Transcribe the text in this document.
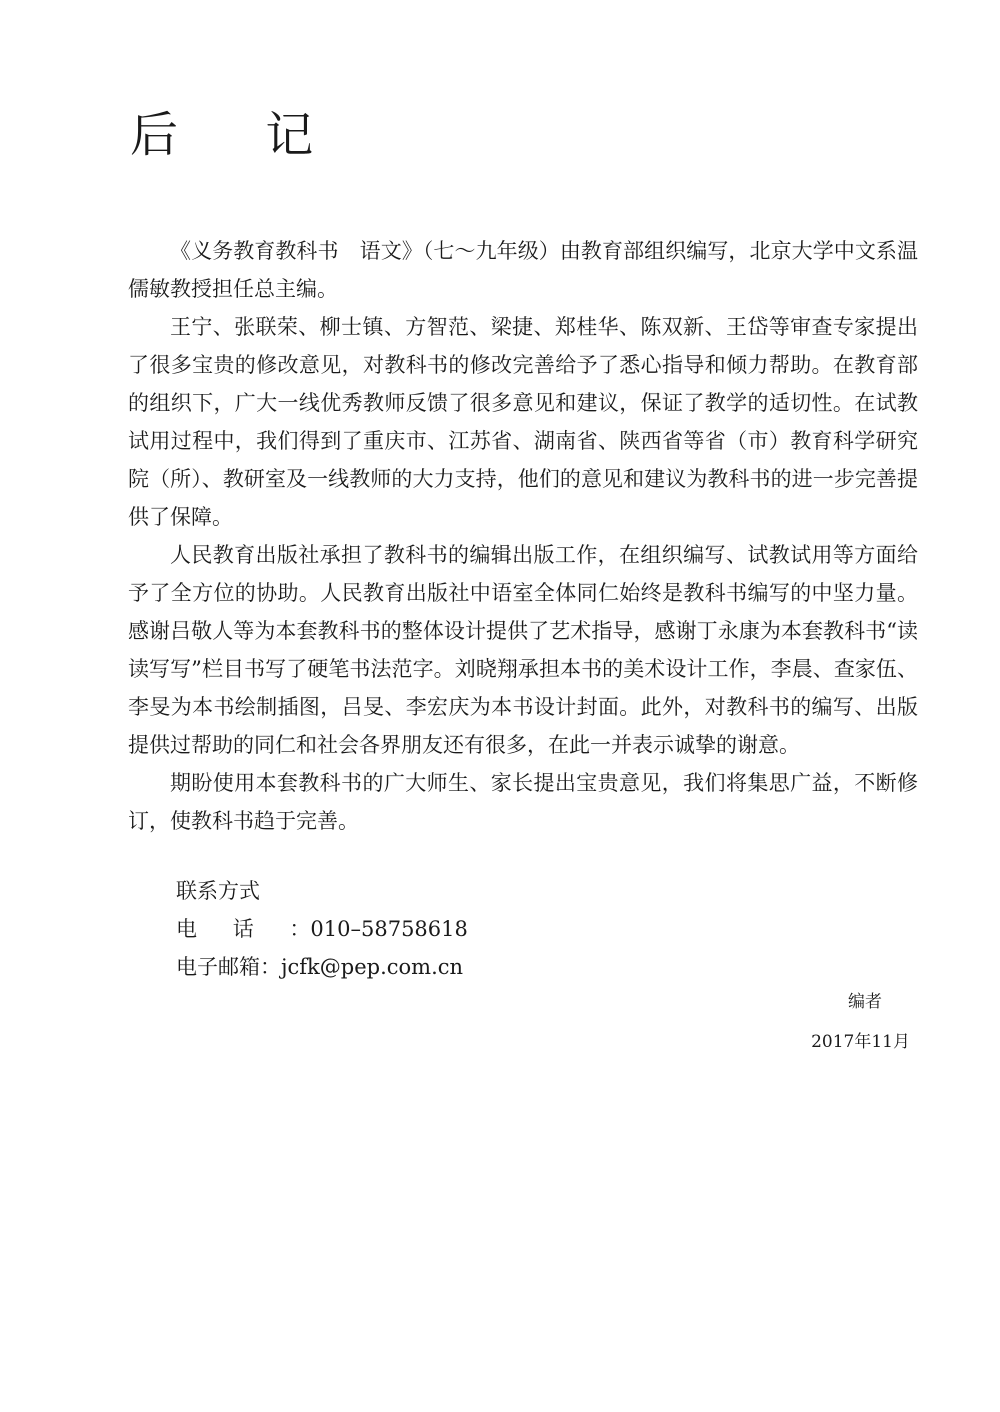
后 记

《义务教育教科书　语文》（七～九年级）由教育部组织编写，北京大学中文系温儒敏教授担任总主编。

王宁、张联荣、柳士镇、方智范、梁捷、郑桂华、陈双新、王岱等审查专家提出了很多宝贵的修改意见，对教科书的修改完善给予了悉心指导和倾力帮助。在教育部的组织下，广大一线优秀教师反馈了很多意见和建议，保证了教学的适切性。在试教试用过程中，我们得到了重庆市、江苏省、湖南省、陕西省等省（市）教育科学研究院（所）、教研室及一线教师的大力支持，他们的意见和建议为教科书的进一步完善提供了保障。

人民教育出版社承担了教科书的编辑出版工作，在组织编写、试教试用等方面给予了全方位的协助。人民教育出版社中语室全体同仁始终是教科书编写的中坚力量。感谢吕敬人等为本套教科书的整体设计提供了艺术指导，感谢丁永康为本套教科书“读读写写”栏目书写了硬笔书法范字。刘晓翔承担本书的美术设计工作，李晨、查家伍、李旻为本书绘制插图，吕旻、李宏庆为本书设计封面。此外，对教科书的编写、出版提供过帮助的同仁和社会各界朋友还有很多，在此一并表示诚挚的谢意。

期盼使用本套教科书的广大师生、家长提出宝贵意见，我们将集思广益，不断修订，使教科书趋于完善。

联系方式
电话：010–58758618
电子邮箱：jcfk@pep.com.cn
编者
2017年11月
